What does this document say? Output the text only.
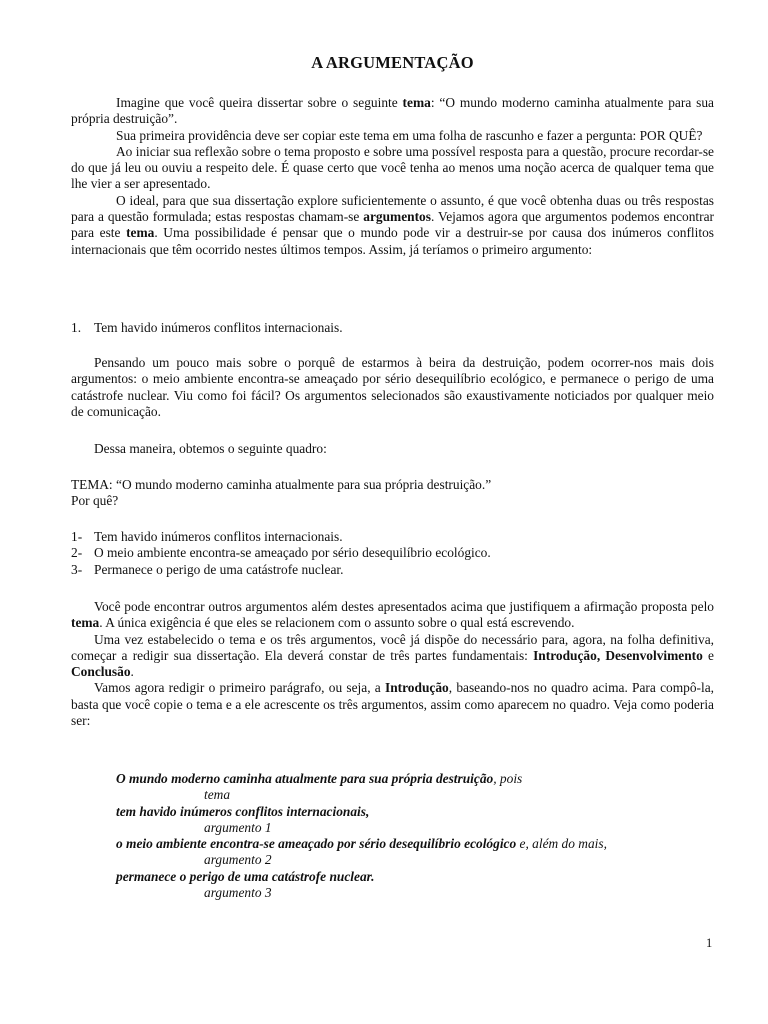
A ARGUMENTAÇÃO

Imagine que você queira dissertar sobre o seguinte tema: “O mundo moderno caminha atualmente para sua própria destruição”.

Sua primeira providência deve ser copiar este tema em uma folha de rascunho e fazer a pergunta: POR QUÊ?

Ao iniciar sua reflexão sobre o tema proposto e sobre uma possível resposta para a questão, procure recordar-se do que já leu ou ouviu a respeito dele. É quase certo que você tenha ao menos uma noção acerca de qualquer tema que lhe vier a ser apresentado.

O ideal, para que sua dissertação explore suficientemente o assunto, é que você obtenha duas ou três respostas para a questão formulada; estas respostas chamam-se argumentos. Vejamos agora que argumentos podemos encontrar para este tema. Uma possibilidade é pensar que o mundo pode vir a destruir-se por causa dos inúmeros conflitos internacionais que têm ocorrido nestes últimos tempos. Assim, já teríamos o primeiro argumento:

1. Tem havido inúmeros conflitos internacionais.

Pensando um pouco mais sobre o porquê de estarmos à beira da destruição, podem ocorrer-nos mais dois argumentos: o meio ambiente encontra-se ameaçado por sério desequilíbrio ecológico, e permanece o perigo de uma catástrofe nuclear. Viu como foi fácil? Os argumentos selecionados são exaustivamente noticiados por qualquer meio de comunicação.

Dessa maneira, obtemos o seguinte quadro:

TEMA: “O mundo moderno caminha atualmente para sua própria destruição.”

Por quê?

1- Tem havido inúmeros conflitos internacionais.
2- O meio ambiente encontra-se ameaçado por sério desequilíbrio ecológico.
3- Permanece o perigo de uma catástrofe nuclear.

Você pode encontrar outros argumentos além destes apresentados acima que justifiquem a afirmação proposta pelo tema. A única exigência é que eles se relacionem com o assunto sobre o qual está escrevendo.

Uma vez estabelecido o tema e os três argumentos, você já dispõe do necessário para, agora, na folha definitiva, começar a redigir sua dissertação. Ela deverá constar de três partes fundamentais: Introdução, Desenvolvimento e Conclusão.

Vamos agora redigir o primeiro parágrafo, ou seja, a Introdução, baseando-nos no quadro acima. Para compô-la, basta que você copie o tema e a ele acrescente os três argumentos, assim como aparecem no quadro. Veja como poderia ser:

O mundo moderno caminha atualmente para sua própria destruição, pois
tema
tem havido inúmeros conflitos internacionais,
argumento 1
o meio ambiente encontra-se ameaçado por sério desequilíbrio ecológico e, além do mais,
argumento 2
permanece o perigo de uma catástrofe nuclear.
argumento 3
1
